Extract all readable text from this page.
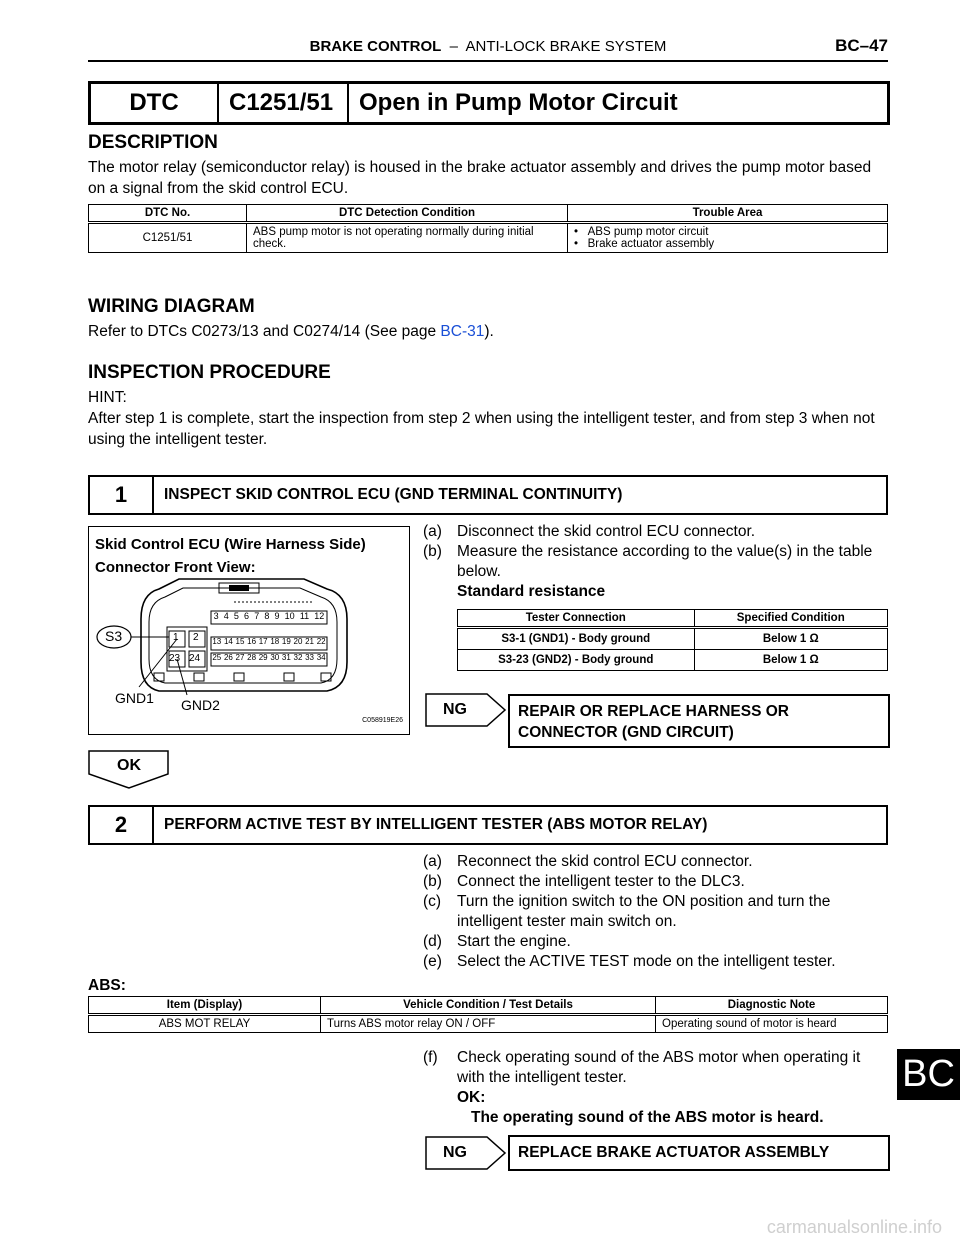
BRAKE CONTROL – ANTI-LOCK BRAKE SYSTEM	BC–47
DTC	C1251/51	Open in Pump Motor Circuit
DESCRIPTION
The motor relay (semiconductor relay) is housed in the brake actuator assembly and drives the pump motor based on a signal from the skid control ECU.
DTC No.	DTC Detection Condition	Trouble Area
C1251/51	ABS pump motor is not operating normally during initial check.	•   ABS pump motor circuit
•   Brake actuator assembly
WIRING DIAGRAM
Refer to DTCs C0273/13 and C0274/14 (See page BC-31).
INSPECTION PROCEDURE
HINT:
After step 1 is complete, start the inspection from step 2 when using the intelligent tester, and from step 3 when not using the intelligent tester.
1	INSPECT SKID CONTROL ECU (GND TERMINAL CONTINUITY)
Skid Control ECU (Wire Harness Side)
Connector Front View:
S3	1 2
23 24
3 4 5 6 7 8 9 10 11 12
13 14 15 16 17 18 19 20 21 22
25 26 27 28 29 30 31 32 33 34
GND1 GND2
C058919E26
(a) Disconnect the skid control ECU connector.
(b) Measure the resistance according to the value(s) in the table below.
Standard resistance
Tester Connection	Specified Condition
S3-1 (GND1) - Body ground	Below 1 Ω
S3-23 (GND2) - Body ground	Below 1 Ω
NG	REPAIR OR REPLACE HARNESS OR CONNECTOR (GND CIRCUIT)
OK
2	PERFORM ACTIVE TEST BY INTELLIGENT TESTER (ABS MOTOR RELAY)
(a) Reconnect the skid control ECU connector.
(b) Connect the intelligent tester to the DLC3.
(c)	Turn the ignition switch to the ON position and turn the intelligent tester main switch on.
(d) Start the engine.
(e) Select the ACTIVE TEST mode on the intelligent tester.
ABS:
Item (Display)	Vehicle Condition / Test Details	Diagnostic Note
ABS MOT RELAY	Turns ABS motor relay ON / OFF	Operating sound of motor is heard
(f)	Check operating sound of the ABS motor when operating it with the intelligent tester.
OK:
The operating sound of the ABS motor is heard.
NG	REPLACE BRAKE ACTUATOR ASSEMBLY
BC
carmanualsonline.info
